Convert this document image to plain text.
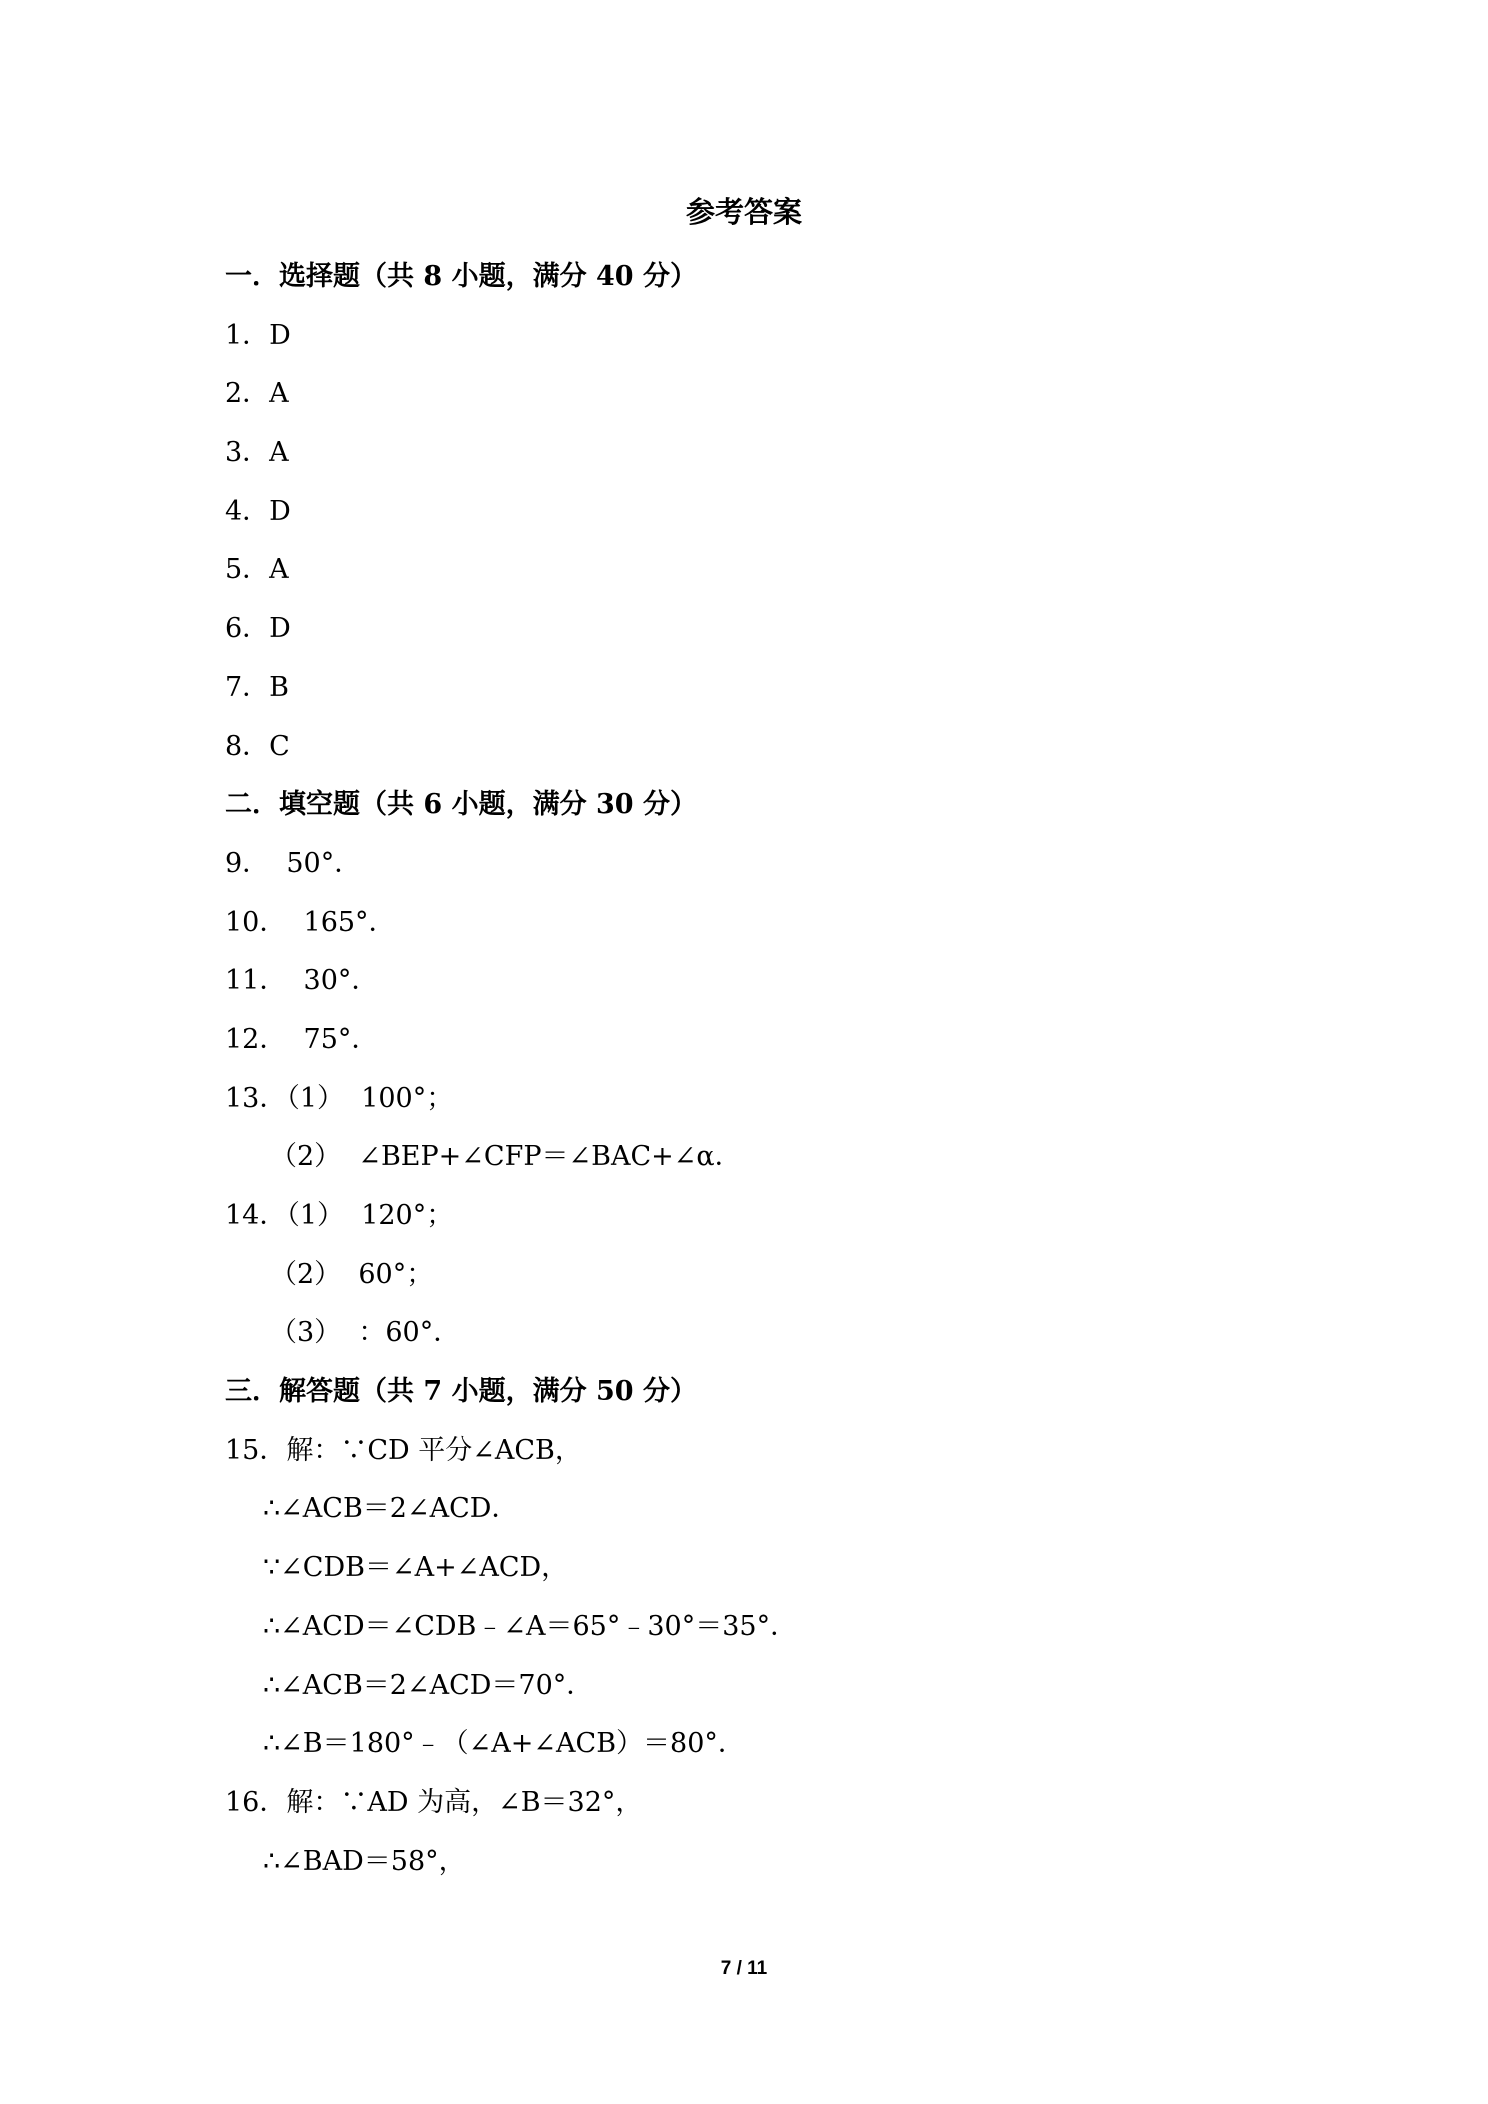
参考答案
一．选择题（共 8 小题，满分 40 分）
1．D
2．A
3．A
4．D
5．A
6．D
7．B
8．C
二．填空题（共 6 小题，满分 30 分）
9．  50°．
10．  165°．
11．  30°．
12．  75°．
13．（1）  100°；
（2）  ∠BEP+∠CFP＝∠BAC+∠α．
14．（1）  120°；
（2）  60°；
（3）  ：60°．
三．解答题（共 7 小题，满分 50 分）
15．解：∵CD 平分∠ACB，
∴∠ACB＝2∠ACD．
∵∠CDB＝∠A+∠ACD，
∴∠ACD＝∠CDB﹣∠A＝65°﹣30°＝35°．
∴∠ACB＝2∠ACD＝70°．
∴∠B＝180°﹣（∠A+∠ACB）＝80°．
16．解：∵AD 为高，∠B＝32°，
∴∠BAD＝58°，
7 / 11
